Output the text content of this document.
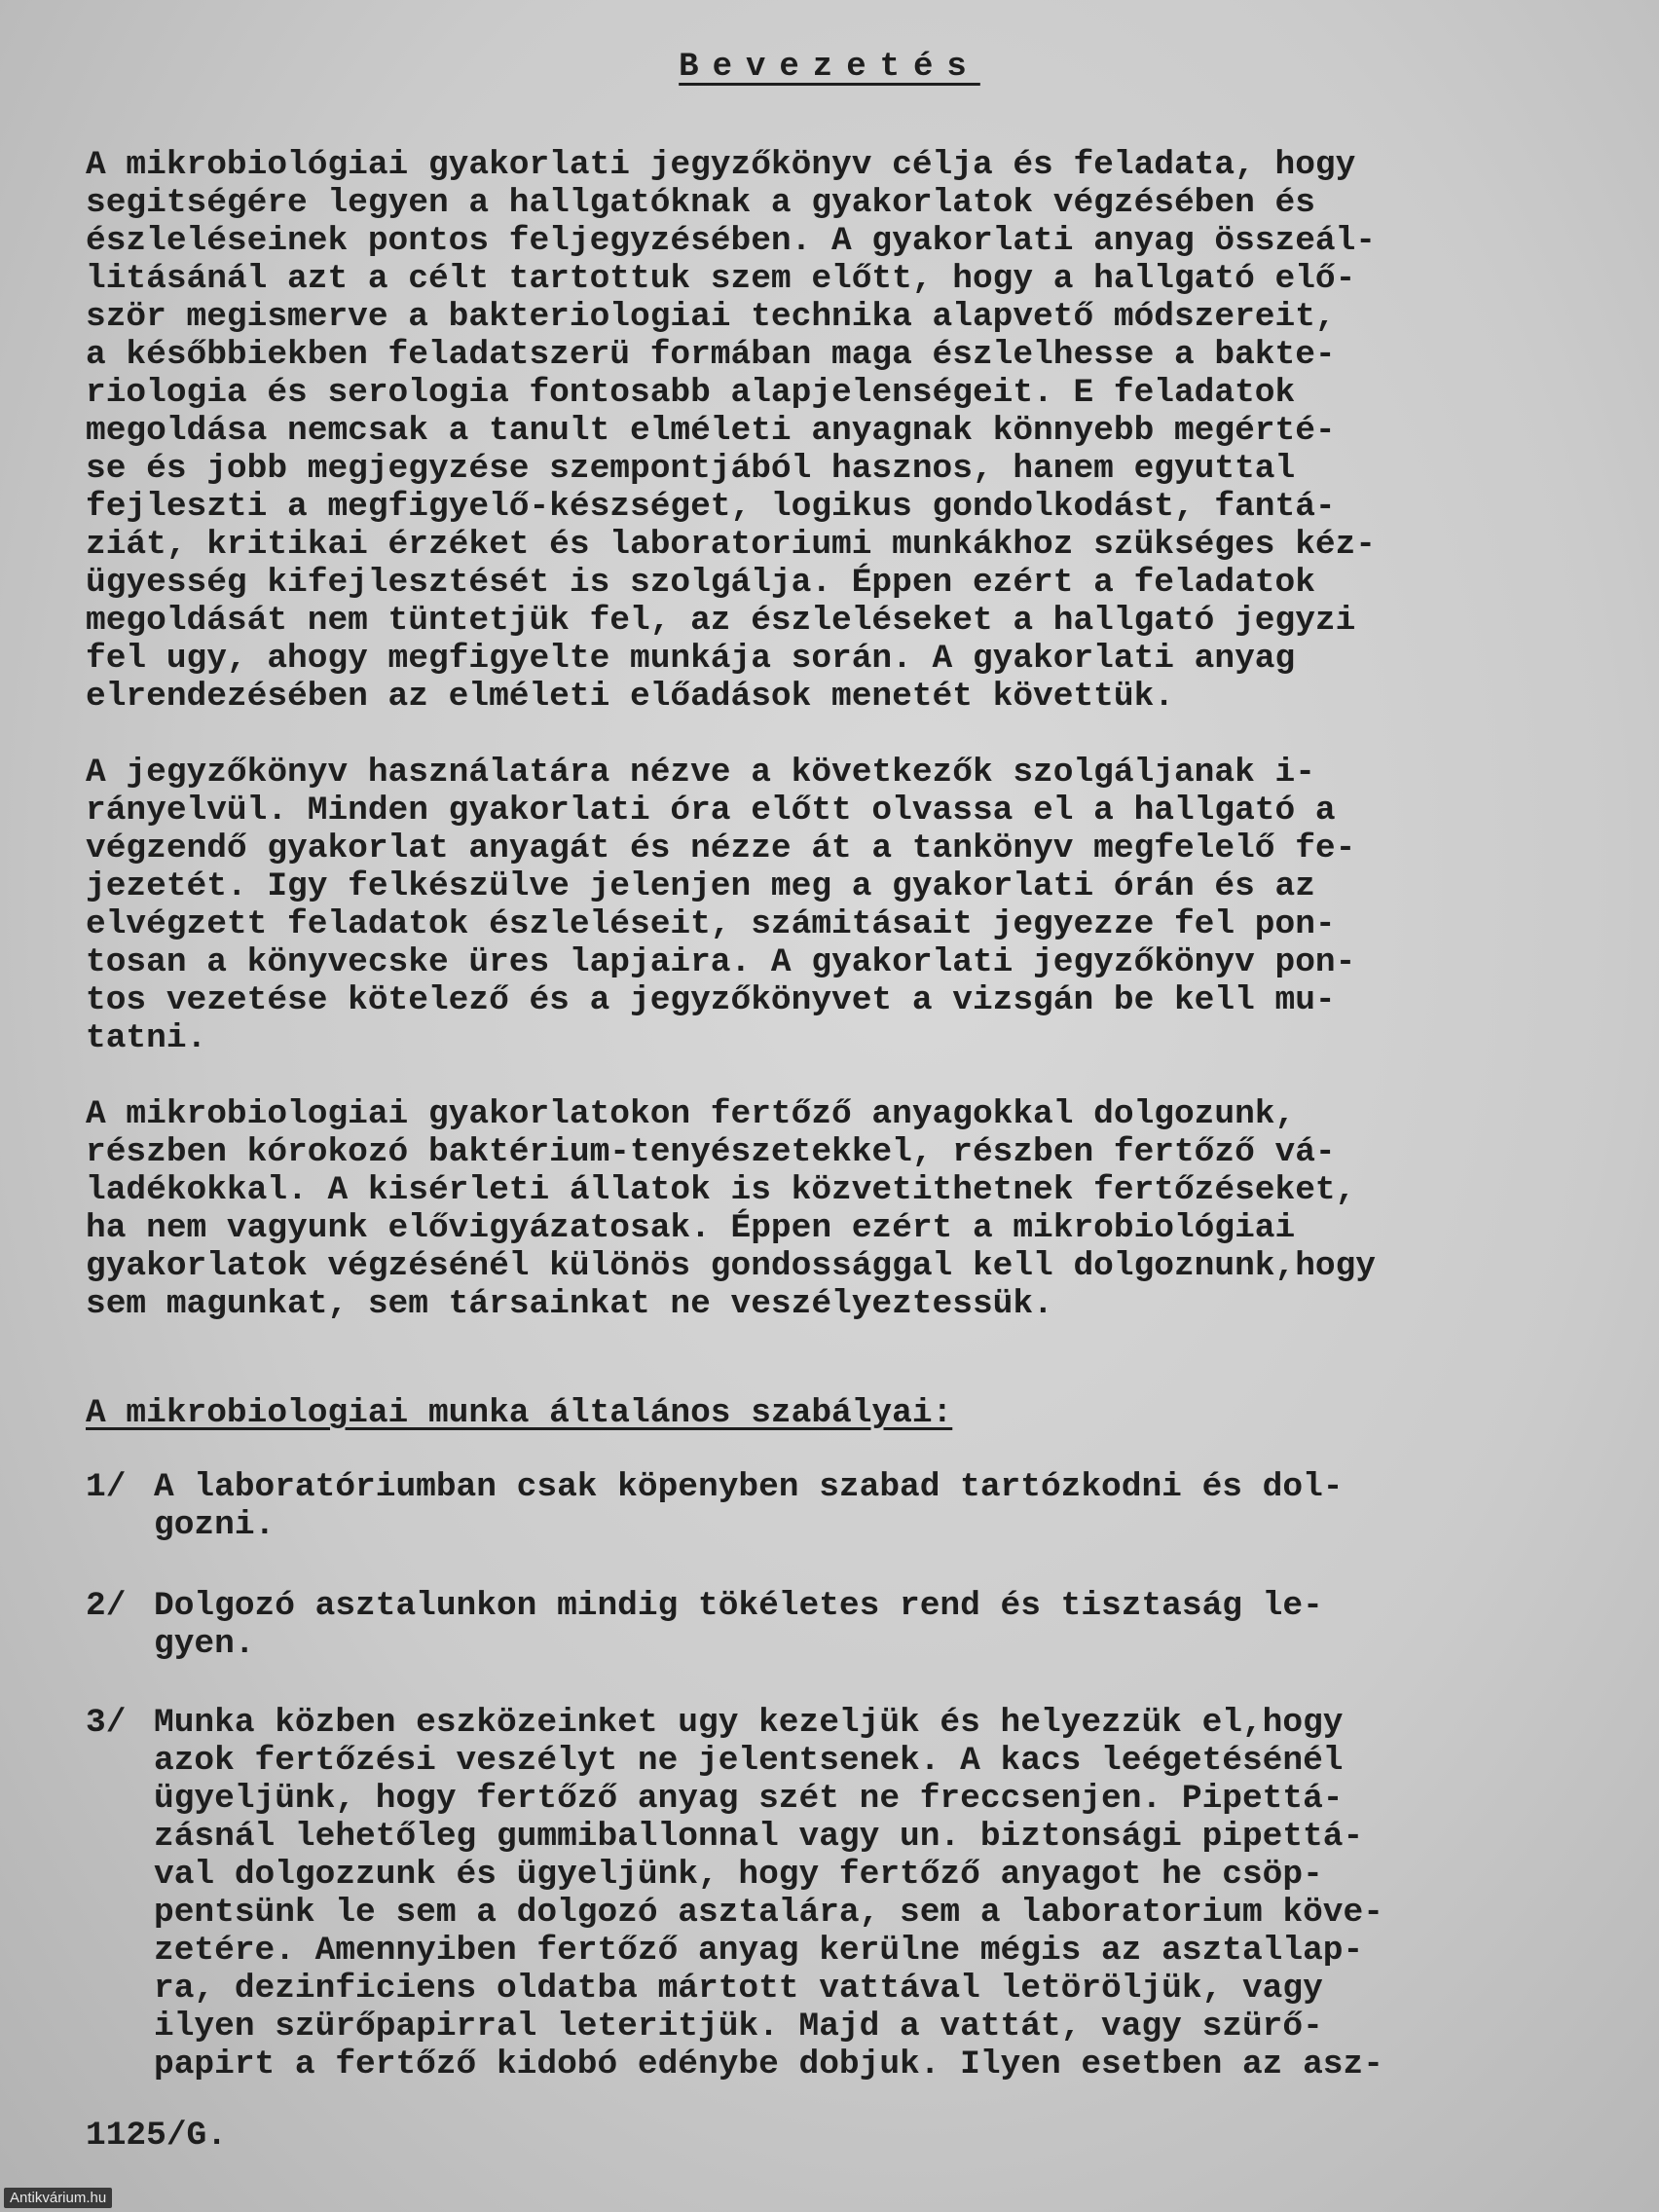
Bevezetés

A mikrobiológiai gyakorlati jegyzőkönyv célja és feladata, hogy
segitségére legyen a hallgatóknak a gyakorlatok végzésében és
észleléseinek pontos feljegyzésében. A gyakorlati anyag összeál-
litásánál azt a célt tartottuk szem előtt, hogy a hallgató elő-
ször megismerve a bakteriologiai technika alapvető módszereit,
a későbbiekben feladatszerü formában maga észlelhesse a bakte-
riologia és serologia fontosabb alapjelenségeit. E feladatok
megoldása nemcsak a tanult elméleti anyagnak könnyebb megérté-
se és jobb megjegyzése szempontjából hasznos, hanem egyuttal
fejleszti a megfigyelő-készséget, logikus gondolkodást, fantá-
ziát, kritikai érzéket és laboratoriumi munkákhoz szükséges kéz-
ügyesség kifejlesztését is szolgálja. Éppen ezért a feladatok
megoldását nem tüntetjük fel, az észleléseket a hallgató jegyzi
fel ugy, ahogy megfigyelte munkája során. A gyakorlati anyag
elrendezésében az elméleti előadások menetét követtük.

A jegyzőkönyv használatára nézve a következők szolgáljanak i-
rányelvül. Minden gyakorlati óra előtt olvassa el a hallgató a
végzendő gyakorlat anyagát és nézze át a tankönyv megfelelő fe-
jezetét. Igy felkészülve jelenjen meg a gyakorlati órán és az
elvégzett feladatok észleléseit, számitásait jegyezze fel pon-
tosan a könyvecske üres lapjaira. A gyakorlati jegyzőkönyv pon-
tos vezetése kötelező és a jegyzőkönyvet a vizsgán be kell mu-
tatni.

A mikrobiologiai gyakorlatokon fertőző anyagokkal dolgozunk,
részben kórokozó baktérium-tenyészetekkel, részben fertőző vá-
ladékokkal. A kisérleti állatok is közvetithetnek fertőzéseket,
ha nem vagyunk elővigyázatosak. Éppen ezért a mikrobiológiai
gyakorlatok végzésénél különös gondossággal kell dolgoznunk,hogy
sem magunkat, sem társainkat ne veszélyeztessük.

A mikrobiologiai munka általános szabályai:

1/

A laboratóriumban csak köpenyben szabad tartózkodni és dol-
gozni.

2/

Dolgozó asztalunkon mindig tökéletes rend és tisztaság le-
gyen.

3/

Munka közben eszközeinket ugy kezeljük és helyezzük el,hogy
azok fertőzési veszélyt ne jelentsenek. A kacs leégetésénél
ügyeljünk, hogy fertőző anyag szét ne freccsenjen. Pipettá-
zásnál lehetőleg gummiballonnal vagy un. biztonsági pipettá-
val dolgozzunk és ügyeljünk, hogy fertőző anyagot he csöp-
pentsünk le sem a dolgozó asztalára, sem a laboratorium köve-
zetére. Amennyiben fertőző anyag kerülne mégis az asztallap-
ra, dezinficiens oldatba mártott vattával letöröljük, vagy
ilyen szürőpapirral leteritjük. Majd a vattát, vagy szürő-
papirt a fertőző kidobó edénybe dobjuk. Ilyen esetben az asz-

1125/G.
Antikvárium.hu
